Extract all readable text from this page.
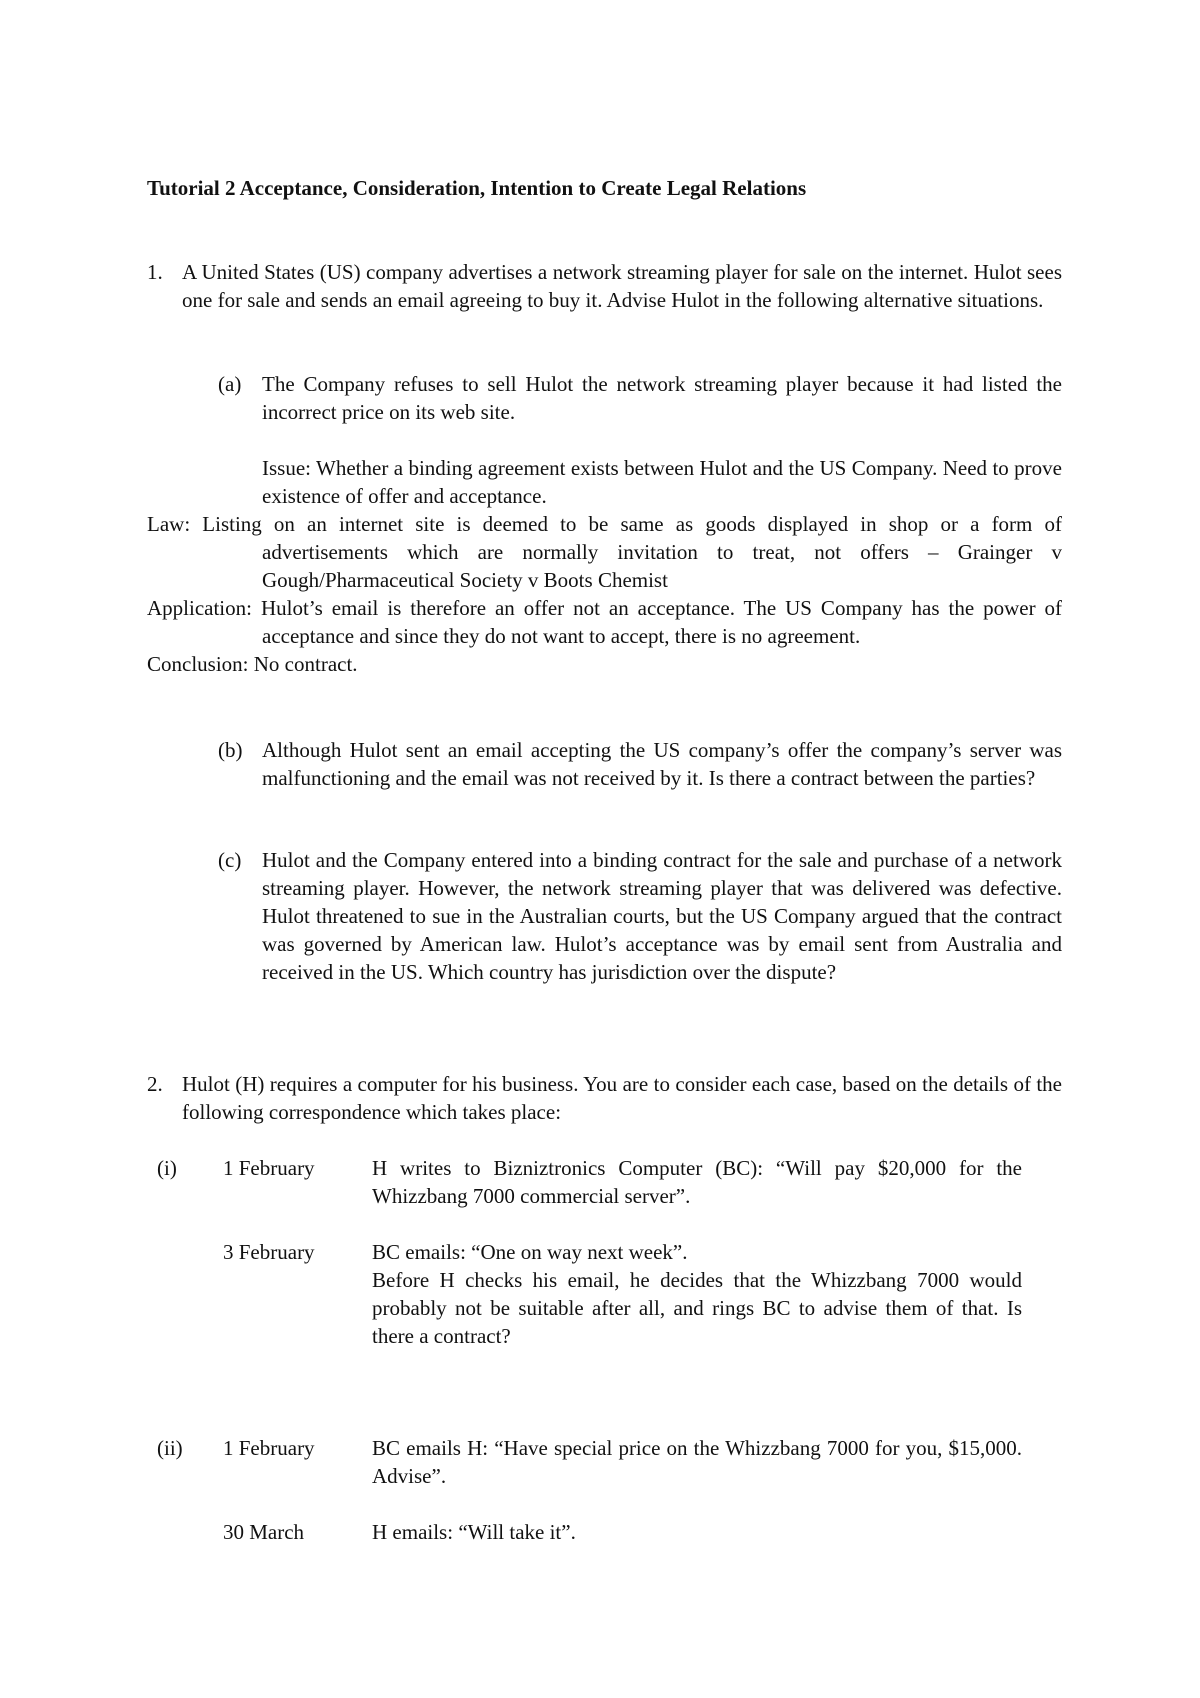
Tutorial 2 Acceptance, Consideration, Intention to Create Legal Relations
1. A United States (US) company advertises a network streaming player for sale on the internet. Hulot sees one for sale and sends an email agreeing to buy it. Advise Hulot in the following alternative situations.
(a) The Company refuses to sell Hulot the network streaming player because it had listed the incorrect price on its web site.
Issue: Whether a binding agreement exists between Hulot and the US Company. Need to prove existence of offer and acceptance.
Law: Listing on an internet site is deemed to be same as goods displayed in shop or a form of advertisements which are normally invitation to treat, not offers – Grainger v Gough/Pharmaceutical Society v Boots Chemist
Application: Hulot’s email is therefore an offer not an acceptance. The US Company has the power of acceptance and since they do not want to accept, there is no agreement.
Conclusion: No contract.
(b) Although Hulot sent an email accepting the US company’s offer the company’s server was malfunctioning and the email was not received by it. Is there a contract between the parties?
(c) Hulot and the Company entered into a binding contract for the sale and purchase of a network streaming player. However, the network streaming player that was delivered was defective. Hulot threatened to sue in the Australian courts, but the US Company argued that the contract was governed by American law. Hulot’s acceptance was by email sent from Australia and received in the US. Which country has jurisdiction over the dispute?
2. Hulot (H) requires a computer for his business. You are to consider each case, based on the details of the following correspondence which takes place:
(i) 1 February	H writes to Bizniztronics Computer (BC): “Will pay $20,000 for the Whizzbang 7000 commercial server”.
3 February	BC emails: “One on way next week”.
Before H checks his email, he decides that the Whizzbang 7000 would probably not be suitable after all, and rings BC to advise them of that. Is there a contract?
(ii) 1 February	BC emails H: “Have special price on the Whizzbang 7000 for you, $15,000. Advise”.
30 March	H emails: “Will take it”.
